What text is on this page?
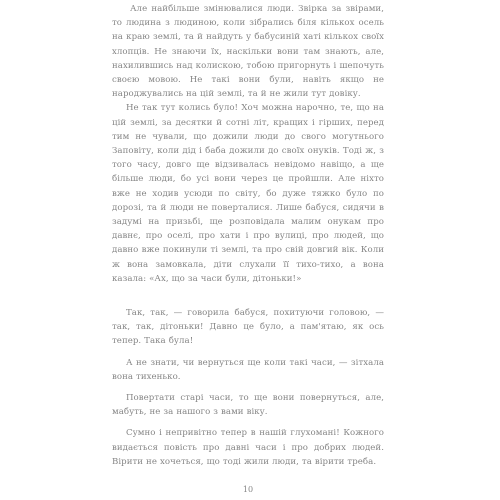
Але найбільше змінювалися люди. Звірка за звірами, то людина з людиною, коли зібрались біля кількох осель на краю землі, та й найдуть у бабусиній хаті кількох своїх хлопців. Не знаючи їх, наскільки вони там знають, але, нахилившись над колискою, тобою пригорнуть і шепочуть своєю мовою. Не такі вони були, навіть якщо не народжувались на цій землі, та й не жили тут довіку.

Не так тут колись було! Хоч можна нарочно, те, що на цій землі, за десятки й сотні літ, кращих і гірших, перед тим не чували, що дожили люди до свого могутнього Заповіту, коли дід і баба дожили до своїх онуків. Тоді ж, з того часу, довго ще відзивалась невідомо навіщо, а ще більше люди, бо усі вони через це пройшли. Але ніхто вже не ходив усюди по світу, бо дуже тяжко було по дорозі, та й люди не поверталися. Лише бабуся, сидячи в задумі на призьбі, ще розповідала малим онукам про давнє, про оселі, про хати і про вулиці, про людей, що давно вже покинули ті землі, та про свій довгий вік. Коли ж вона замовкала, діти слухали її тихо-тихо, а вона казала: «Ах, що за часи були, дітоньки!»

Так, так, — говорила бабуся, похитуючи головою, — так, так, дітоньки! Давно це було, а пам'ятаю, як ось тепер. Така була!

А не знати, чи вернуться ще коли такі часи, — зітхала вона тихенько.

Повертати старі часи, то ще вони повернуться, але, мабуть, не за нашого з вами віку.

Сумно і непривітно тепер в нашій глухомані! Кожного видається повість про давні часи і про добрих людей. Вірити не хочеться, що тоді жили люди, та вірити треба.

10
